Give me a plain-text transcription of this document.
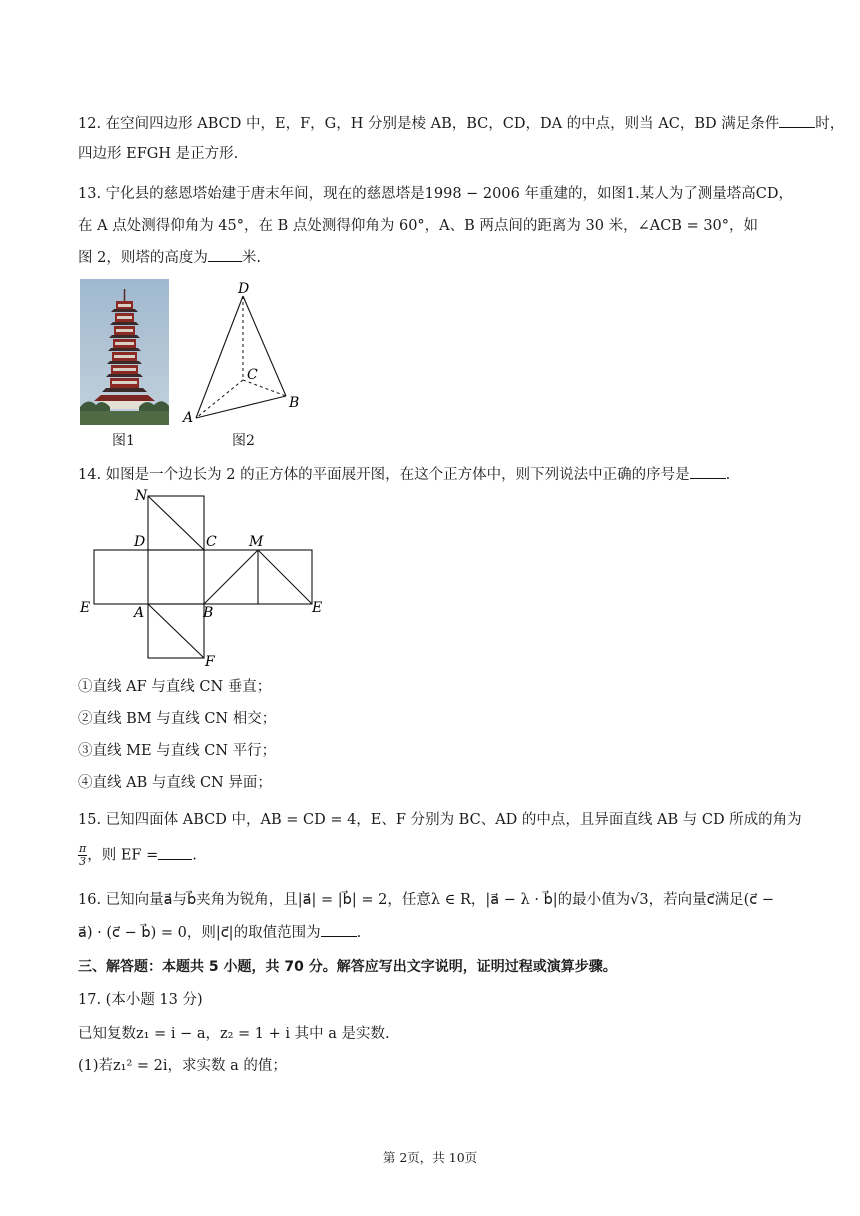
12. 在空间四边形 ABCD 中，E，F，G，H 分别是棱 AB，BC，CD，DA 的中点，则当 AC，BD 满足条件 时，
四边形 EFGH 是正方形.
13. 宁化县的慈恩塔始建于唐末年间，现在的慈恩塔是1998 − 2006 年重建的，如图1.某人为了测量塔高CD，
在 A 点处测得仰角为 45°，在 B 点处测得仰角为 60°，A、B 两点间的距离为 30 米，∠ACB = 30°，如
图 2，则塔的高度为 米.
图1
D
C
A
B
图2
14. 如图是一个边长为 2 的正方体的平面展开图，在这个正方体中，则下列说法中正确的序号是 .
N
D	C M
E	A	B	E
F
①直线 AF 与直线 CN 垂直；
②直线 BM 与直线 CN 相交；
③直线 ME 与直线 CN 平行；
④直线 AB 与直线 CN 异面；
15. 已知四面体 ABCD 中，AB = CD = 4，E、F 分别为 BC、AD 的中点，且异面直线 AB 与 CD 所成的角为
$\frac{\pi}{3}$ ，则 EF = .
16. 已知向量a⃗与b⃗夹角为锐角，且|a⃗| = |b⃗| = 2，任意λ ∈ R，|a⃗ − λ · b⃗|的最小值为√3，若向量c⃗满足(c⃗ −
a⃗) · (c⃗ − b⃗) = 0，则|c⃗|的取值范围为 .
三、解答题：本题共 5 小题，共 70 分。解答应写出文字说明，证明过程或演算步骤。
17. (本小题 13 分)
已知复数z₁ = i − a，z₂ = 1 + i 其中 a 是实数.
(1)若z₁² = 2i，求实数 a 的值；
第 2页，共 10页
